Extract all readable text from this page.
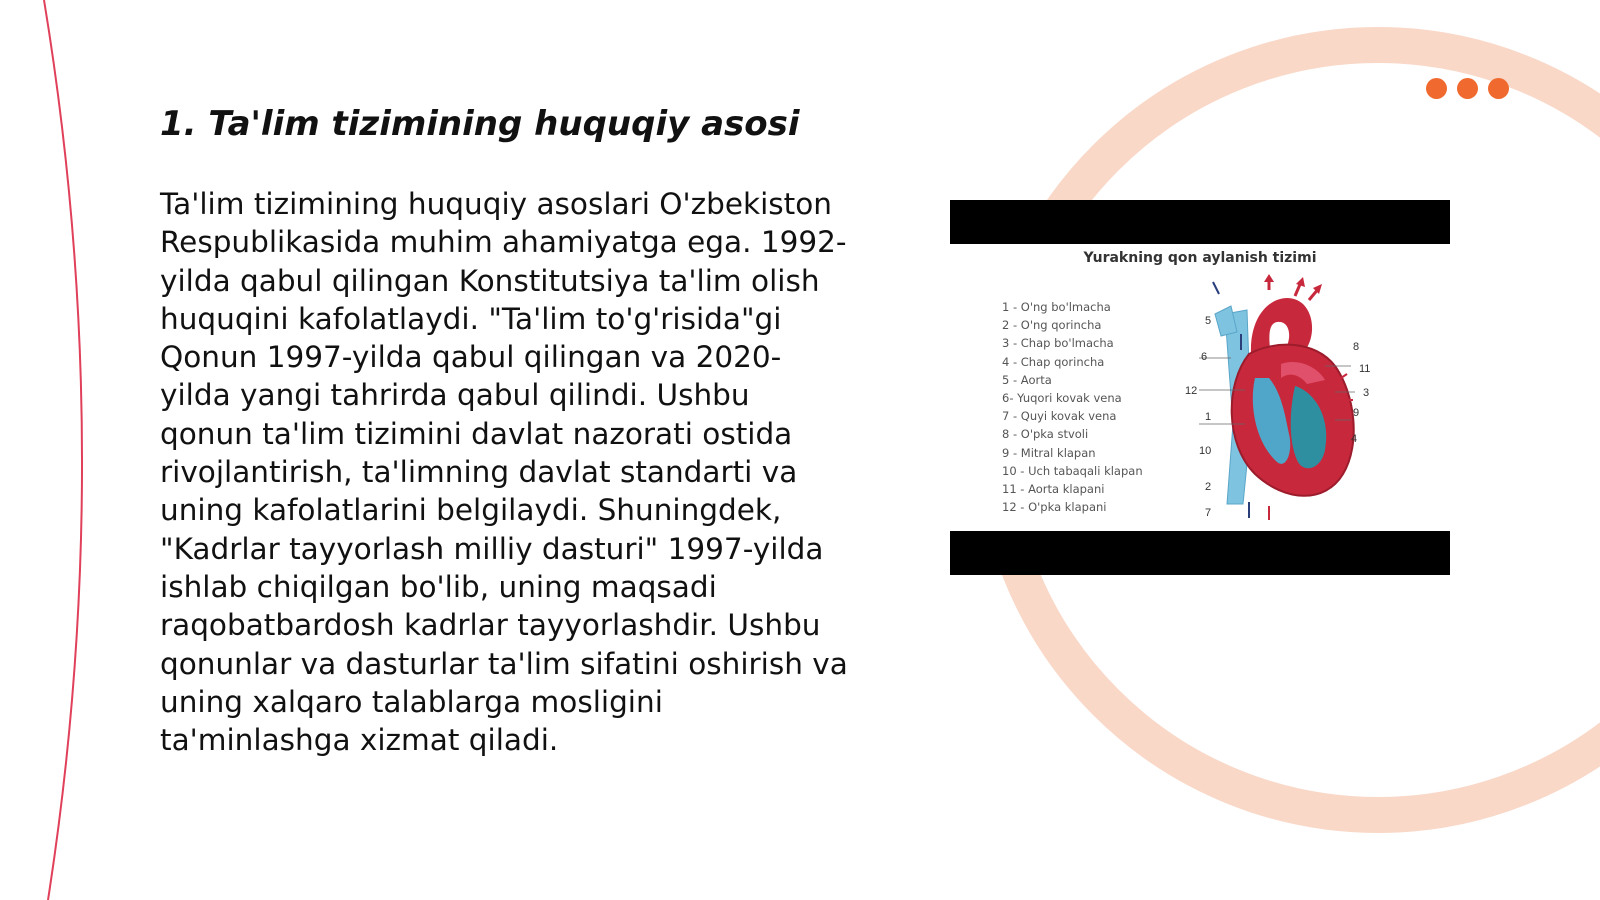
1. Ta'lim tizimining huquqiy asosi

Ta'lim tizimining huquqiy asoslari O'zbekiston Respublikasida muhim ahamiyatga ega. 1992-yilda qabul qilingan Konstitutsiya ta'lim olish huquqini kafolatlaydi. "Ta'lim to'g'risida"gi Qonun 1997-yilda qabul qilingan va 2020-yilda yangi tahrirda qabul qilindi. Ushbu qonun ta'lim tizimini davlat nazorati ostida rivojlantirish, ta'limning davlat standarti va uning kafolatlarini belgilaydi. Shuningdek, "Kadrlar tayyorlash milliy dasturi" 1997-yilda ishlab chiqilgan bo'lib, uning maqsadi raqobatbardosh kadrlar tayyorlashdir. Ushbu qonunlar va dasturlar ta'lim sifatini oshirish va uning xalqaro talablarga mosligini ta'minlashga xizmat qiladi.

Yurakning qon aylanish tizimi
1 - O'ng bo'lmacha
2 - O'ng qorincha
3 - Chap bo'lmacha
4 - Chap qorincha
5 - Aorta
6- Yuqori kovak vena
7 - Quyi kovak vena
8 - O'pka stvoli
9 - Mitral klapan
10 - Uch tabaqali klapan
11 - Aorta klapani
12 - O'pka klapani
5
6
12
1
10
2
7
8
11
3
9
4
